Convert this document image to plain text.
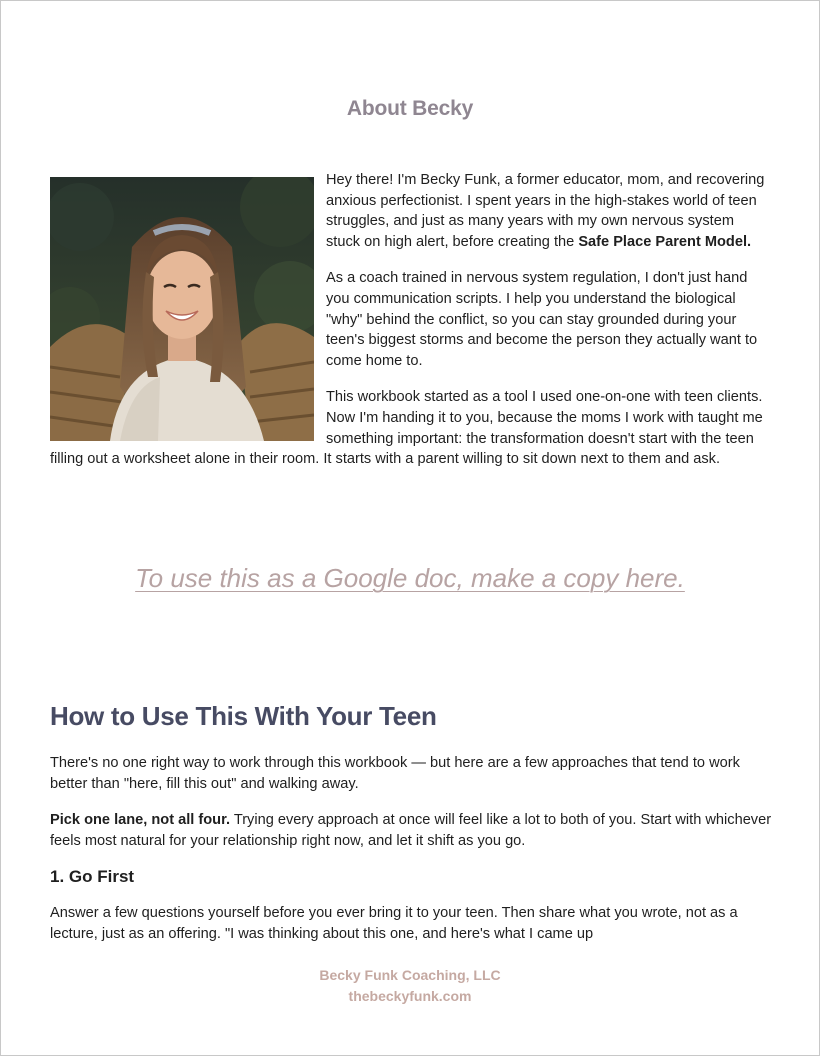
About Becky

Hey there! I'm Becky Funk, a former educator, mom, and recovering anxious perfectionist. I spent years in the high-stakes world of teen struggles, and just as many years with my own nervous system stuck on high alert, before creating the Safe Place Parent Model.

As a coach trained in nervous system regulation, I don't just hand you communication scripts. I help you understand the biological "why" behind the conflict, so you can stay grounded during your teen's biggest storms and become the person they actually want to come home to.

This workbook started as a tool I used one-on-one with teen clients. Now I'm handing it to you, because the moms I work with taught me something important: the transformation doesn't start with the teen filling out a worksheet alone in their room. It starts with a parent willing to sit down next to them and ask.

To use this as a Google doc, make a copy here.
How to Use This With Your Teen

There's no one right way to work through this workbook — but here are a few approaches that tend to work better than "here, fill this out" and walking away.

Pick one lane, not all four. Trying every approach at once will feel like a lot to both of you. Start with whichever feels most natural for your relationship right now, and let it shift as you go.

1. Go First

Answer a few questions yourself before you ever bring it to your teen. Then share what you wrote, not as a lecture, just as an offering. "I was thinking about this one, and here's what I came up

Becky Funk Coaching, LLC
thebeckyfunk.com
